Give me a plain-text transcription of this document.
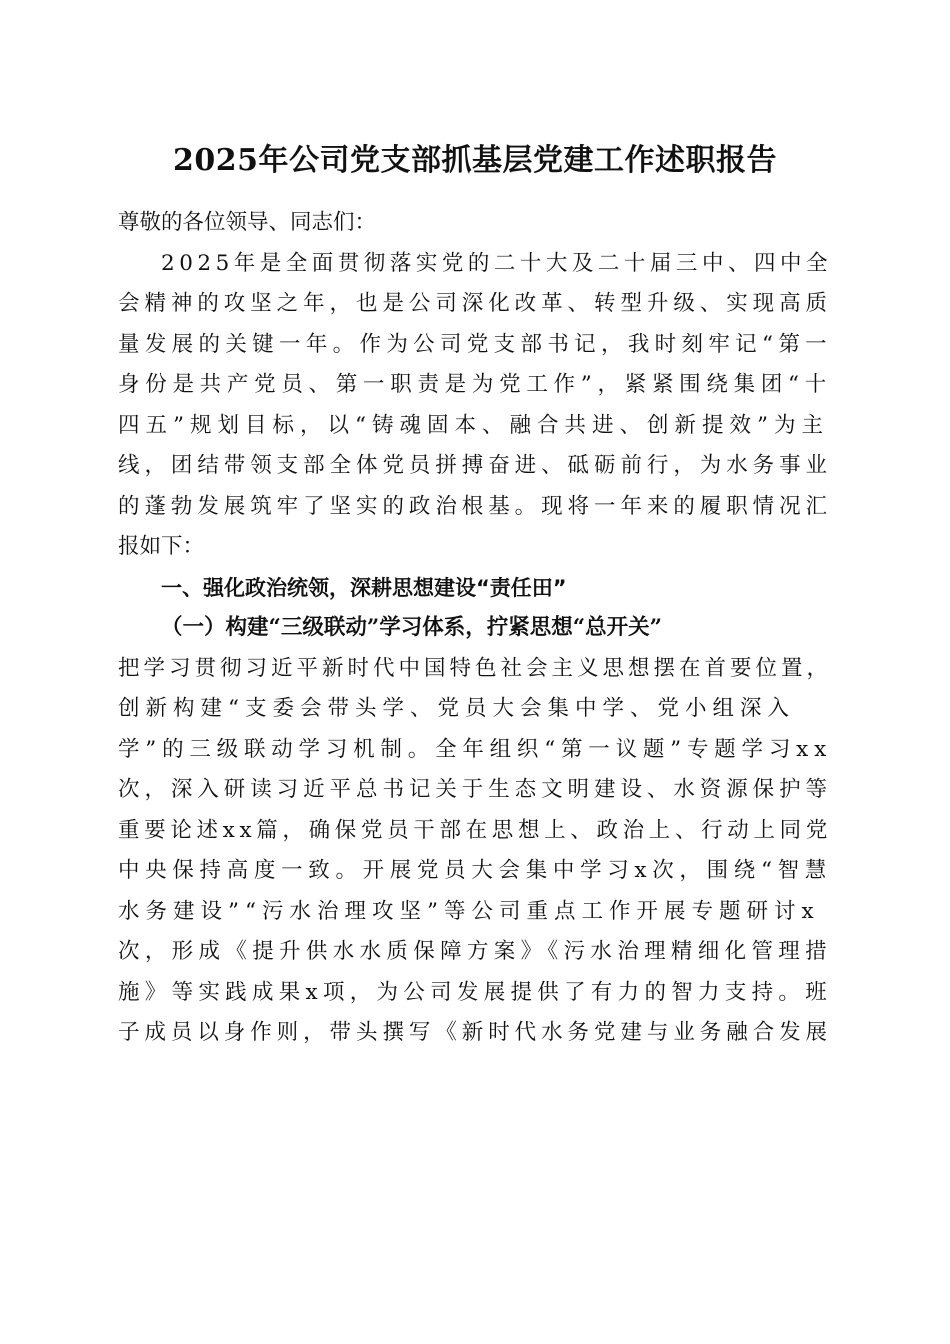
2025年公司党支部抓基层党建工作述职报告
尊敬的各位领导、同志们：
2025年是全面贯彻落实党的二十大及二十届三中、四中全
会精神的攻坚之年，也是公司深化改革、转型升级、实现高质
量发展的关键一年。作为公司党支部书记，我时刻牢记“第一
身份是共产党员、第一职责是为党工作”，紧紧围绕集团“十
四五”规划目标，以“铸魂固本、融合共进、创新提效”为主
线，团结带领支部全体党员拼搏奋进、砥砺前行，为水务事业
的蓬勃发展筑牢了坚实的政治根基。现将一年来的履职情况汇
报如下：
一、强化政治统领，深耕思想建设“责任田”
（一）构建“三级联动”学习体系，拧紧思想“总开关”
把学习贯彻习近平新时代中国特色社会主义思想摆在首要位置，
创新构建“支委会带头学、党员大会集中学、党小组深入
学”的三级联动学习机制。全年组织“第一议题”专题学习xx
次，深入研读习近平总书记关于生态文明建设、水资源保护等
重要论述xx篇，确保党员干部在思想上、政治上、行动上同党
中央保持高度一致。开展党员大会集中学习x次，围绕“智慧
水务建设”“污水治理攻坚”等公司重点工作开展专题研讨x
次，形成《提升供水水质保障方案》《污水治理精细化管理措
施》等实践成果x项，为公司发展提供了有力的智力支持。班
子成员以身作则，带头撰写《新时代水务党建与业务融合发展
